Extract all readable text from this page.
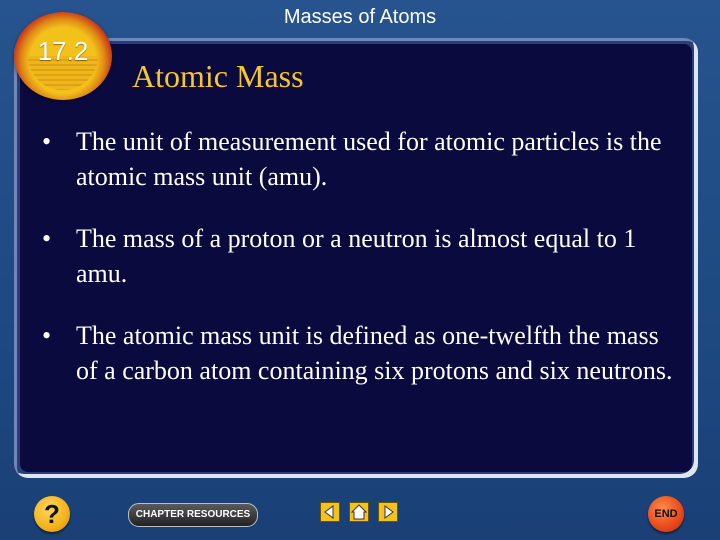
Masses of Atoms
17.2
Atomic Mass
• The unit of measurement used for atomic particles is the atomic mass unit (amu).
• The mass of a proton or a neutron is almost equal to 1 amu.
• The atomic mass unit is defined as one-twelfth the mass of a carbon atom containing six protons and six neutrons.
?	CHAPTER RESOURCES	END
